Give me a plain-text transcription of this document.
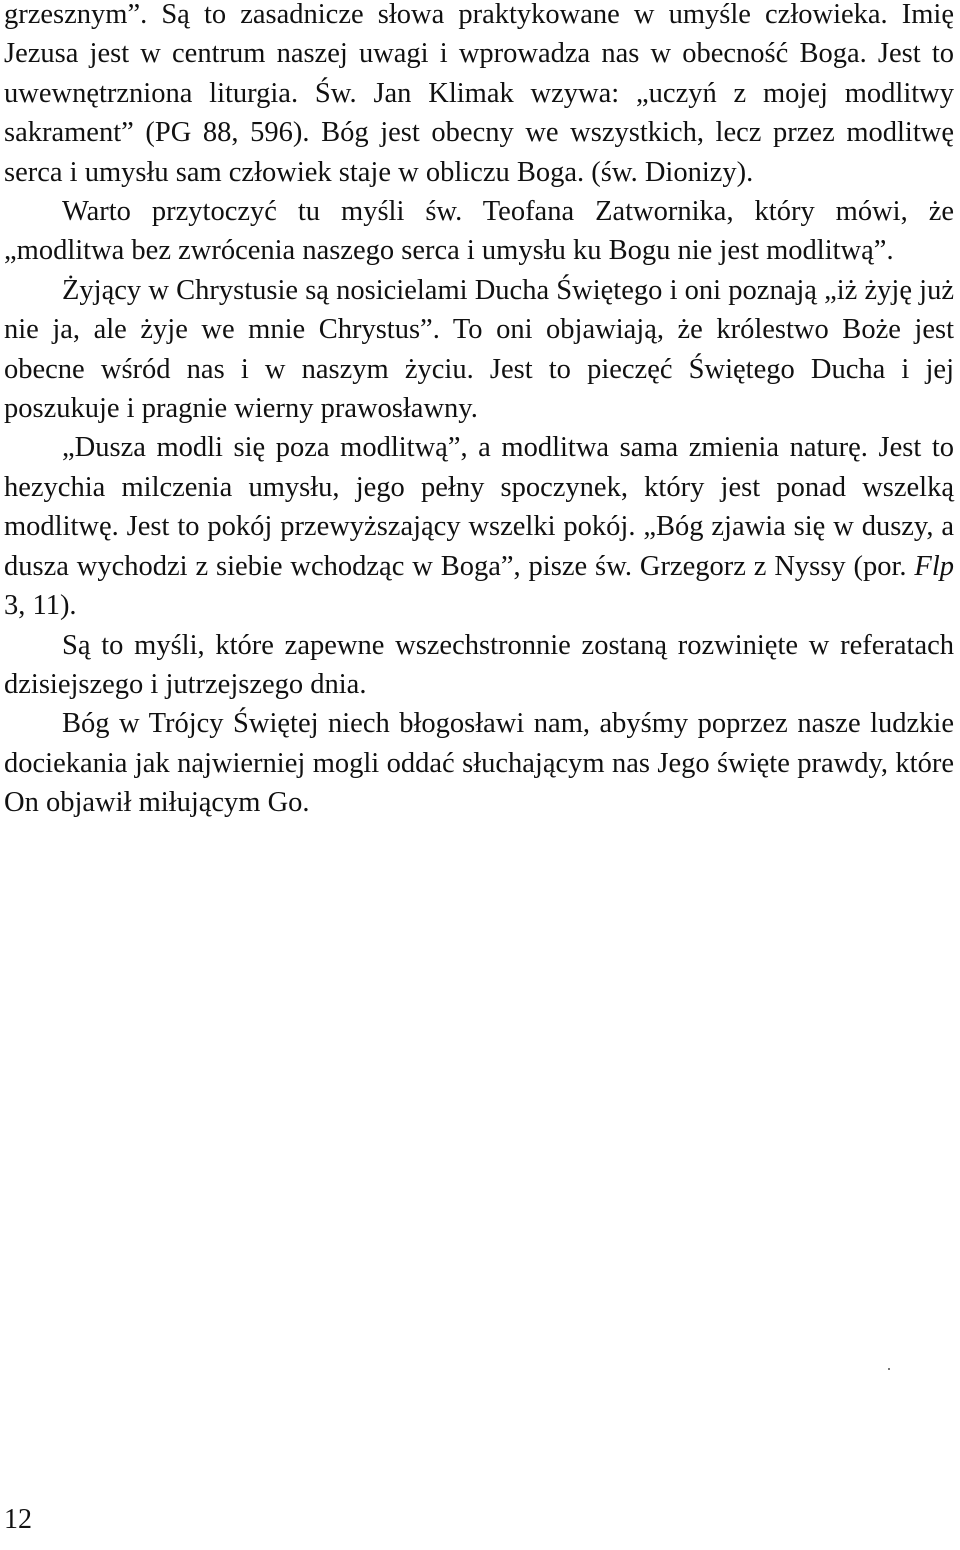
grzesznym”. Są to zasadnicze słowa praktykowane w umyśle człowieka. Imię Jezusa jest w centrum naszej uwagi i wprowadza nas w obecność Boga. Jest to uwewnętrzniona liturgia. Św. Jan Klimak wzywa: „uczyń z mojej modlitwy sakrament” (PG 88, 596). Bóg jest obecny we wszystkich, lecz przez modlitwę serca i umysłu sam człowiek staje w obliczu Boga. (św. Dionizy).

Warto przytoczyć tu myśli św. Teofana Zatwornika, który mówi, że „modlitwa bez zwrócenia naszego serca i umysłu ku Bogu nie jest modlitwą”.

Żyjący w Chrystusie są nosicielami Ducha Świętego i oni poznają „iż żyję już nie ja, ale żyje we mnie Chrystus”. To oni objawiają, że królestwo Boże jest obecne wśród nas i w naszym życiu. Jest to pieczęć Świętego Ducha i jej poszukuje i pragnie wierny prawosławny.

„Dusza modli się poza modlitwą”, a modlitwa sama zmienia naturę. Jest to hezychia milczenia umysłu, jego pełny spoczynek, który jest ponad wszelką modlitwę. Jest to pokój przewyższający wszelki pokój. „Bóg zjawia się w duszy, a dusza wychodzi z siebie wchodząc w Boga”, pisze św. Grzegorz z Nyssy (por. Flp 3, 11).

Są to myśli, które zapewne wszechstronnie zostaną rozwinięte w referatach dzisiejszego i jutrzejszego dnia.

Bóg w Trójcy Świętej niech błogosławi nam, abyśmy poprzez nasze ludzkie dociekania jak najwierniej mogli oddać słuchającym nas Jego święte prawdy, które On objawił miłującym Go.

12
